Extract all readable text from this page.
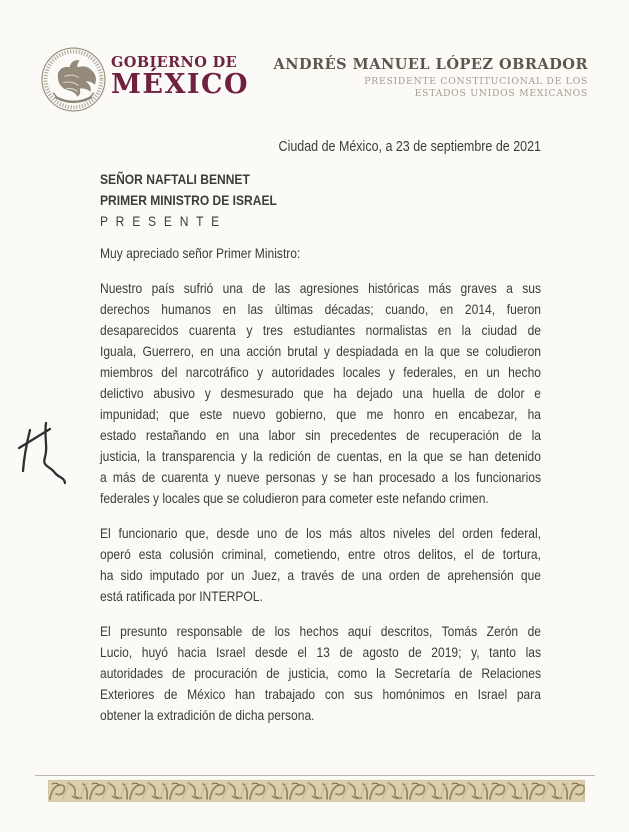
GOBIERNO DE
MÉXICO
ANDRÉS MANUEL LÓPEZ OBRADOR
PRESIDENTE CONSTITUCIONAL DE LOS
ESTADOS UNIDOS MEXICANOS
Ciudad de México, a 23 de septiembre de 2021
SEÑOR NAFTALI BENNET
PRIMER MINISTRO DE ISRAEL
P R E S E N T E
Muy apreciado señor Primer Ministro:
Nuestro país sufrió una de las agresiones históricas más graves a sus
derechos humanos en las últimas décadas; cuando, en 2014, fueron
desaparecidos cuarenta y tres estudiantes normalistas en la ciudad de
Iguala, Guerrero, en una acción brutal y despiadada en la que se coludieron
miembros del narcotráfico y autoridades locales y federales, en un hecho
delictivo abusivo y desmesurado que ha dejado una huella de dolor e
impunidad; que este nuevo gobierno, que me honro en encabezar, ha
estado restañando en una labor sin precedentes de recuperación de la
justicia, la transparencia y la redición de cuentas, en la que se han detenido
a más de cuarenta y nueve personas y se han procesado a los funcionarios
federales y locales que se coludieron para cometer este nefando crimen.
El funcionario que, desde uno de los más altos niveles del orden federal,
operó esta colusión criminal, cometiendo, entre otros delitos, el de tortura,
ha sido imputado por un Juez, a través de una orden de aprehensión que
está ratificada por INTERPOL.
El presunto responsable de los hechos aquí descritos, Tomás Zerón de
Lucio, huyó hacia Israel desde el 13 de agosto de 2019; y, tanto las
autoridades de procuración de justicia, como la Secretaría de Relaciones
Exteriores de México han trabajado con sus homónimos en Israel para
obtener la extradición de dicha persona.
